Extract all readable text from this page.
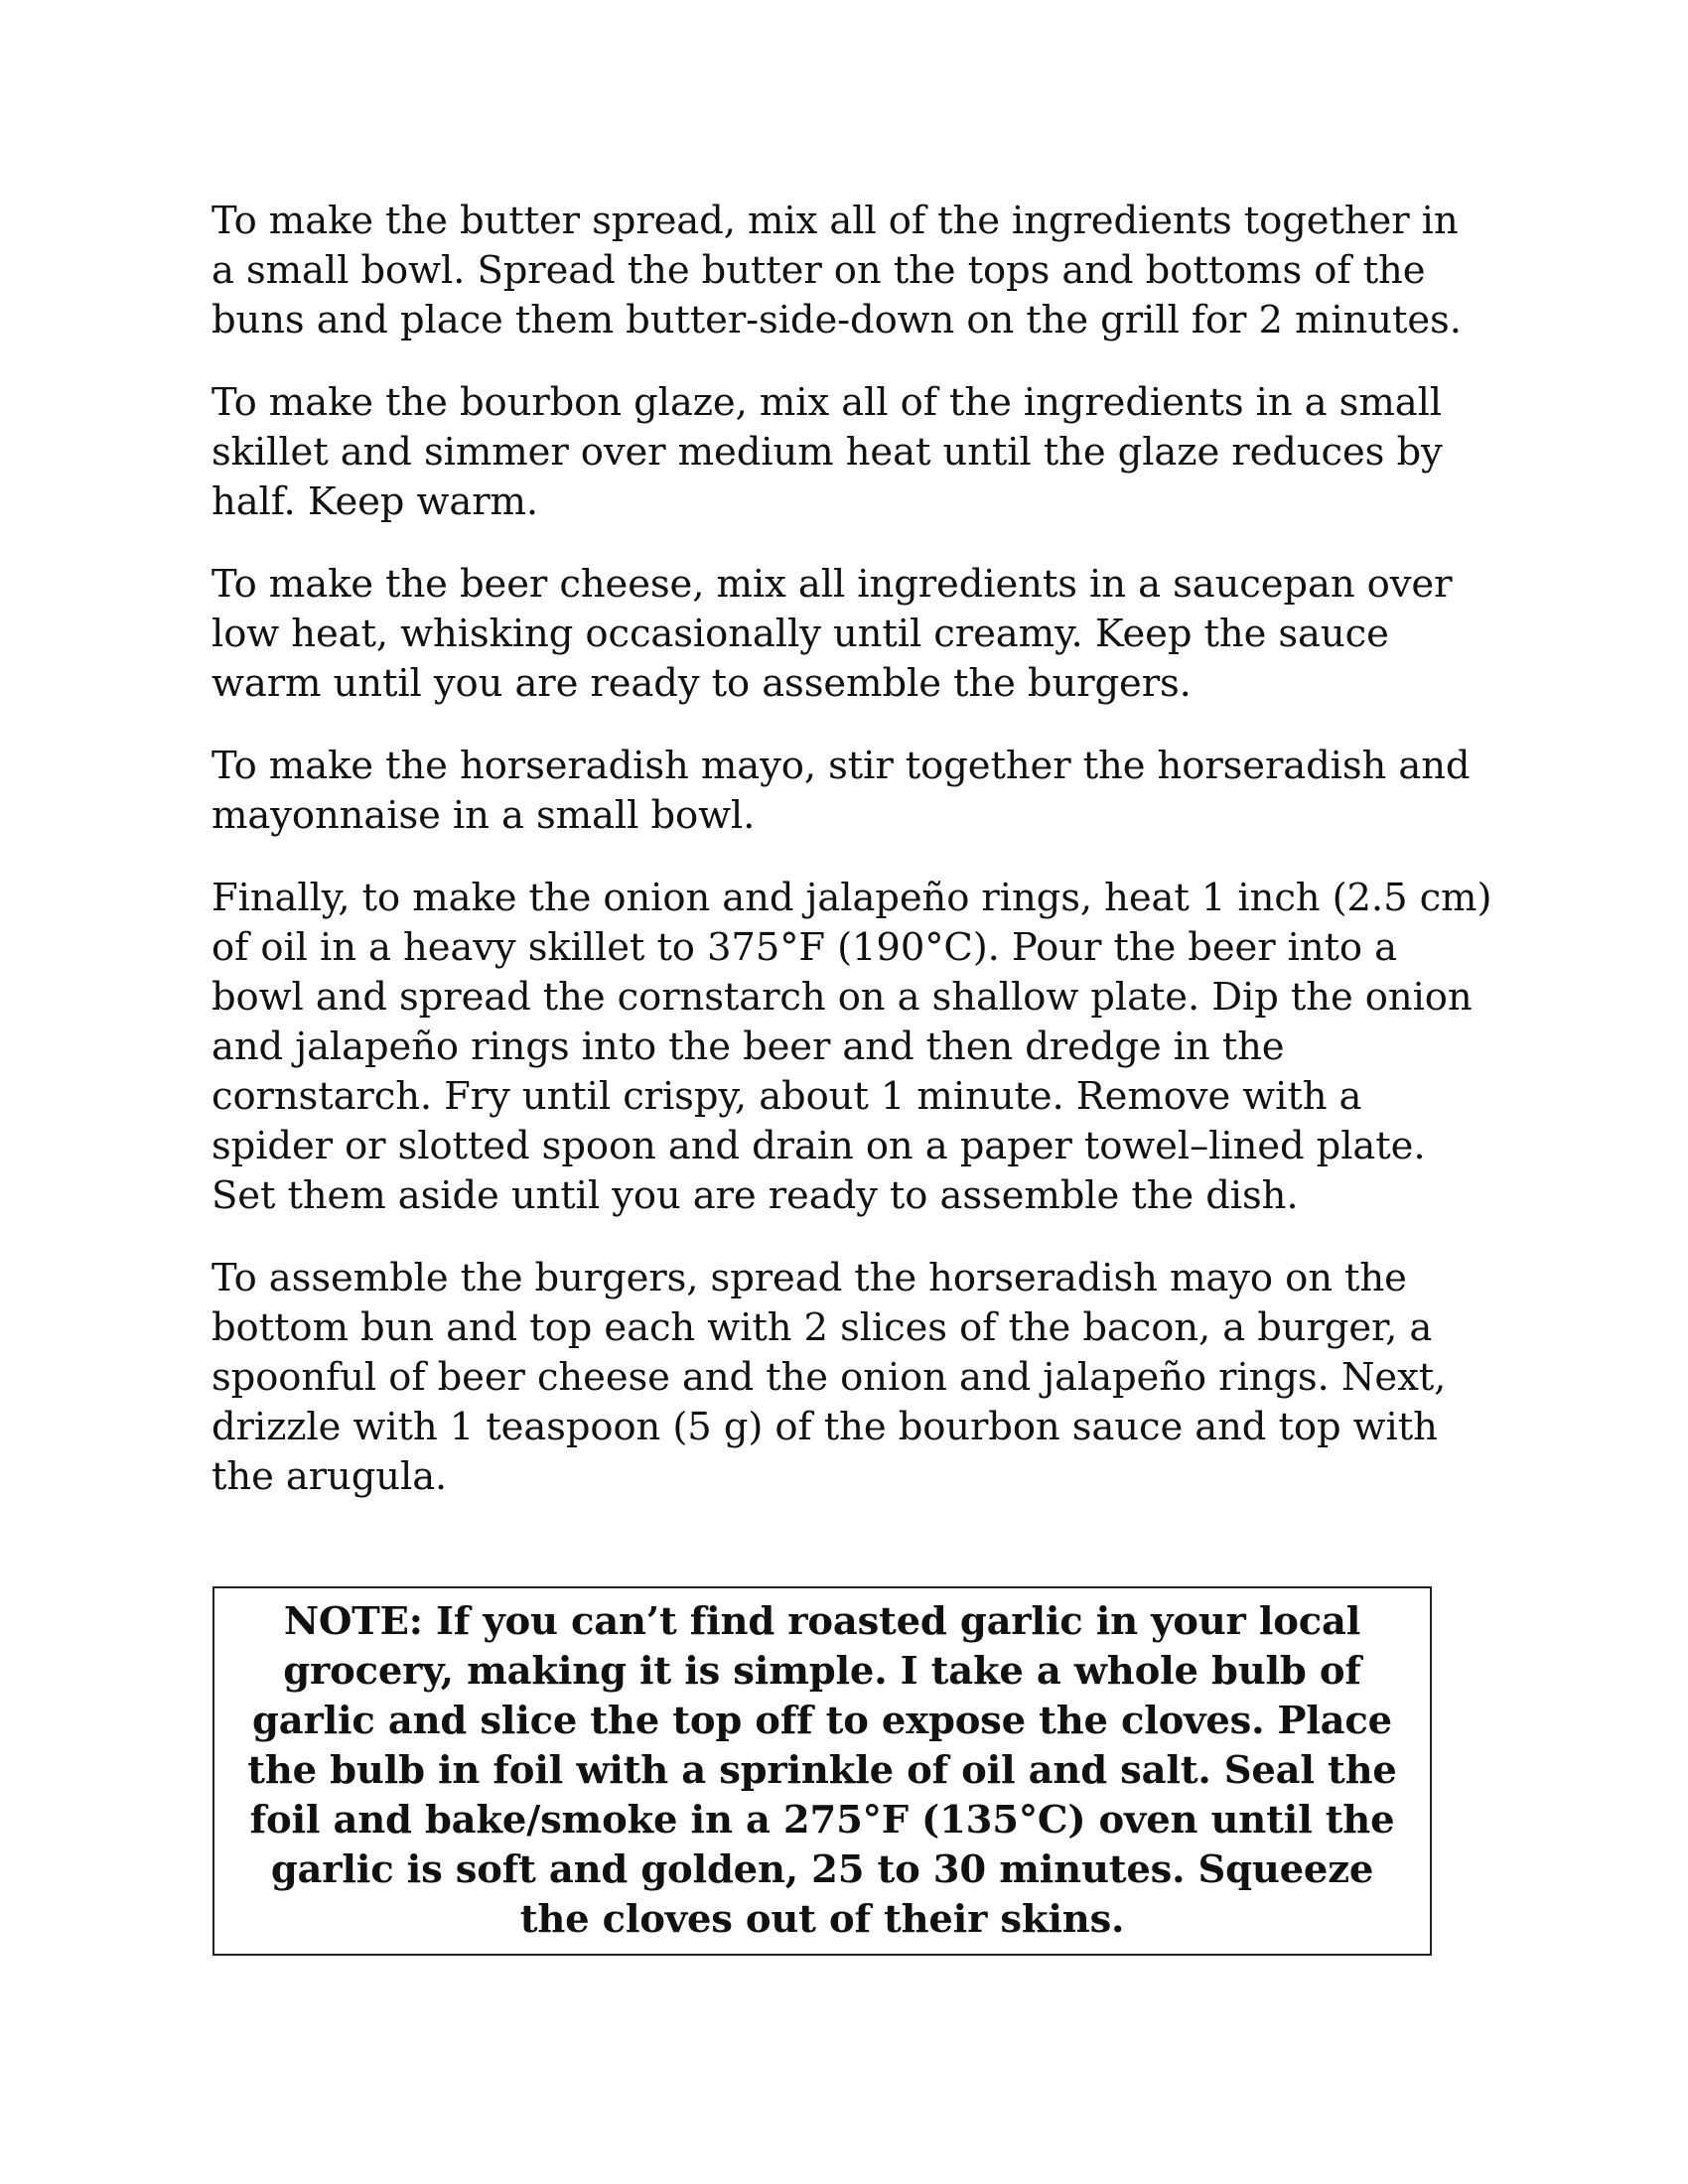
To make the butter spread, mix all of the ingredients together in a small bowl. Spread the butter on the tops and bottoms of the buns and place them butter-side-down on the grill for 2 minutes.

To make the bourbon glaze, mix all of the ingredients in a small skillet and simmer over medium heat until the glaze reduces by half. Keep warm.

To make the beer cheese, mix all ingredients in a saucepan over low heat, whisking occasionally until creamy. Keep the sauce warm until you are ready to assemble the burgers.

To make the horseradish mayo, stir together the horseradish and mayonnaise in a small bowl.

Finally, to make the onion and jalapeño rings, heat 1 inch (2.5 cm) of oil in a heavy skillet to 375°F (190°C). Pour the beer into a bowl and spread the cornstarch on a shallow plate. Dip the onion and jalapeño rings into the beer and then dredge in the cornstarch. Fry until crispy, about 1 minute. Remove with a spider or slotted spoon and drain on a paper towel–lined plate. Set them aside until you are ready to assemble the dish.

To assemble the burgers, spread the horseradish mayo on the bottom bun and top each with 2 slices of the bacon, a burger, a spoonful of beer cheese and the onion and jalapeño rings. Next, drizzle with 1 teaspoon (5 g) of the bourbon sauce and top with the arugula.

NOTE: If you can’t find roasted garlic in your local grocery, making it is simple. I take a whole bulb of garlic and slice the top off to expose the cloves. Place the bulb in foil with a sprinkle of oil and salt. Seal the foil and bake/smoke in a 275°F (135°C) oven until the garlic is soft and golden, 25 to 30 minutes. Squeeze the cloves out of their skins.
